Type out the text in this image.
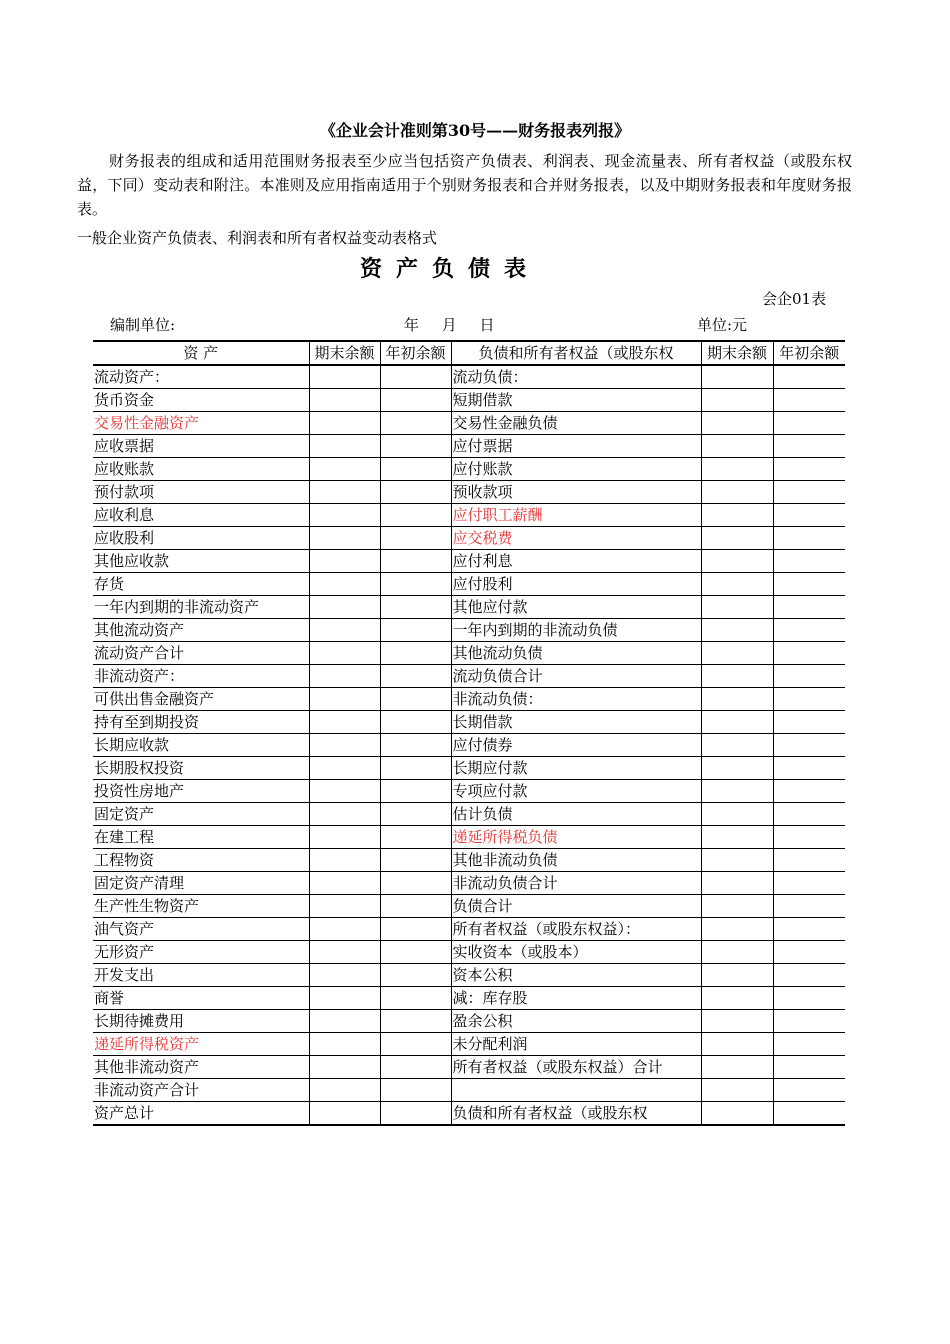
《企业会计准则第30号——财务报表列报》

财务报表的组成和适用范围财务报表至少应当包括资产负债表、利润表、现金流量表、所有者权益（或股东权益，下同）变动表和附注。本准则及应用指南适用于个别财务报表和合并财务报表，以及中期财务报表和年度财务报表。

一般企业资产负债表、利润表和所有者权益变动表格式
资产负债表
会企01表
编制单位:	年 月 日	单位:元
资 产	期末余额	年初余额	负债和所有者权益（或股东权	期末余额	年初余额
流动资产：			流动负债：		
货币资金			短期借款		
交易性金融资产			交易性金融负债		
应收票据			应付票据		
应收账款			应付账款		
预付款项			预收款项		
应收利息			应付职工薪酬		
应收股利			应交税费		
其他应收款			应付利息		
存货			应付股利		
一年内到期的非流动资产			其他应付款		
其他流动资产			一年内到期的非流动负债		
流动资产合计			其他流动负债		
非流动资产：			流动负债合计		
可供出售金融资产			非流动负债：		
持有至到期投资			长期借款		
长期应收款			应付债券		
长期股权投资			长期应付款		
投资性房地产			专项应付款		
固定资产			估计负债		
在建工程			递延所得税负债		
工程物资			其他非流动负债		
固定资产清理			非流动负债合计		
生产性生物资产			负债合计		
油气资产			所有者权益（或股东权益）：		
无形资产			实收资本（或股本）		
开发支出			资本公积		
商誉			减：库存股		
长期待摊费用			盈余公积		
递延所得税资产			未分配利润		
其他非流动资产			所有者权益（或股东权益）合计		
非流动资产合计					
资产总计			负债和所有者权益（或股东权		
